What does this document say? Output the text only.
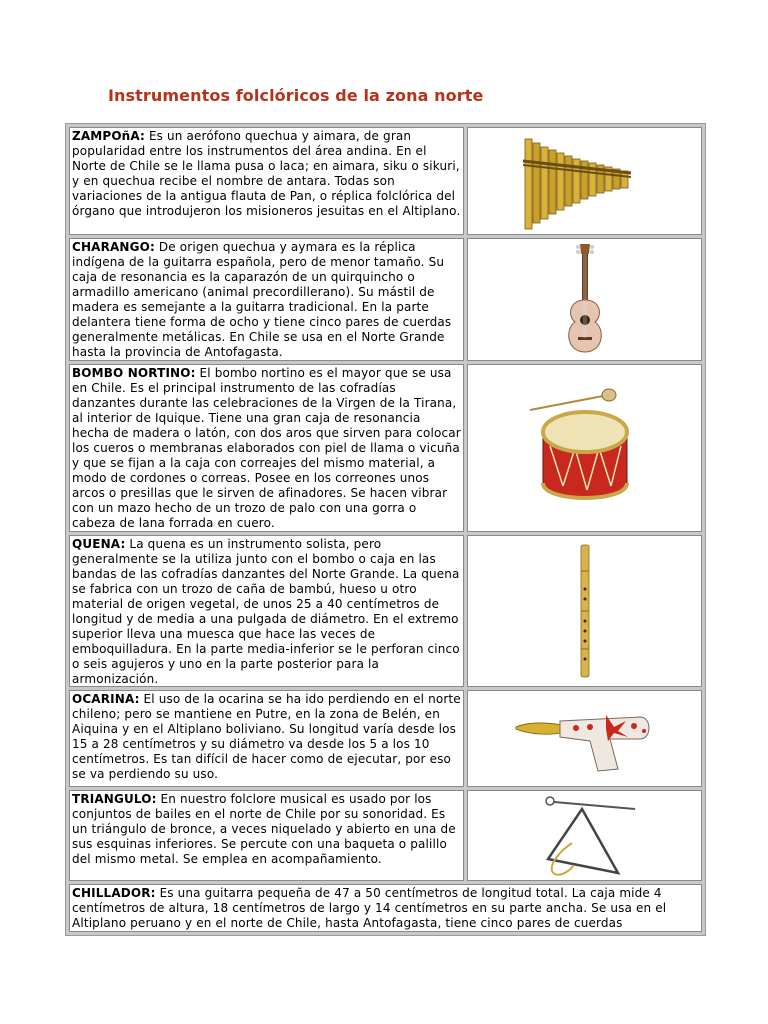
Instrumentos folclóricos de la zona norte
ZAMPOñA: Es un aerófono quechua y aimara, de gran popularidad entre los instrumentos del área andina. En el Norte de Chile se le llama pusa o laca; en aimara, siku o sikuri, y en quechua recibe el nombre de antara. Todas son variaciones de la antigua flauta de Pan, o réplica folclórica del órgano que introdujeron los misioneros jesuitas en el Altiplano.
CHARANGO: De origen quechua y aymara es la réplica indígena de la guitarra española, pero de menor tamaño. Su caja de resonancia es la caparazón de un quirquincho o armadillo americano (animal precordillerano). Su mástil de madera es semejante a la guitarra tradicional. En la parte delantera tiene forma de ocho y tiene cinco pares de cuerdas generalmente metálicas. En Chile se usa en el Norte Grande hasta la provincia de Antofagasta.
BOMBO NORTINO: El bombo nortino es el mayor que se usa en Chile. Es el principal instrumento de las cofradías danzantes durante las celebraciones de la Virgen de la Tirana, al interior de Iquique. Tiene una gran caja de resonancia hecha de madera o latón, con dos aros que sirven para colocar los cueros o membranas elaborados con piel de llama o vicuña y que se fijan a la caja con correajes del mismo material, a modo de cordones o correas. Posee en los correones unos arcos o presillas que le sirven de afinadores. Se hacen vibrar con un mazo hecho de un trozo de palo con una gorra o cabeza de lana forrada en cuero.
QUENA: La quena es un instrumento solista, pero generalmente se la utiliza junto con el bombo o caja en las bandas de las cofradías danzantes del Norte Grande. La quena se fabrica con un trozo de caña de bambú, hueso u otro material de origen vegetal, de unos 25 a 40 centímetros de longitud y de media a una pulgada de diámetro. En el extremo superior lleva una muesca que hace las veces de emboquilladura. En la parte media-inferior se le perforan cinco o seis agujeros y uno en la parte posterior para la armonización.
OCARINA: El uso de la ocarina se ha ido perdiendo en el norte chileno; pero se mantiene en Putre, en la zona de Belén, en Aiquina y en el Altiplano boliviano. Su longitud varía desde los 15 a 28 centímetros y su diámetro va desde los 5 a los 10 centímetros. Es tan difícil de hacer como de ejecutar, por eso se va perdiendo su uso.
TRIANGULO: En nuestro folclore musical es usado por los conjuntos de bailes en el norte de Chile por su sonoridad. Es un triángulo de bronce, a veces niquelado y abierto en una de sus esquinas inferiores. Se percute con una baqueta o palillo del mismo metal. Se emplea en acompañamiento.
CHILLADOR: Es una guitarra pequeña de 47 a 50 centímetros de longitud total. La caja mide 4 centímetros de altura, 18 centímetros de largo y 14 centímetros en su parte ancha. Se usa en el Altiplano peruano y en el norte de Chile, hasta Antofagasta, tiene cinco pares de cuerdas
